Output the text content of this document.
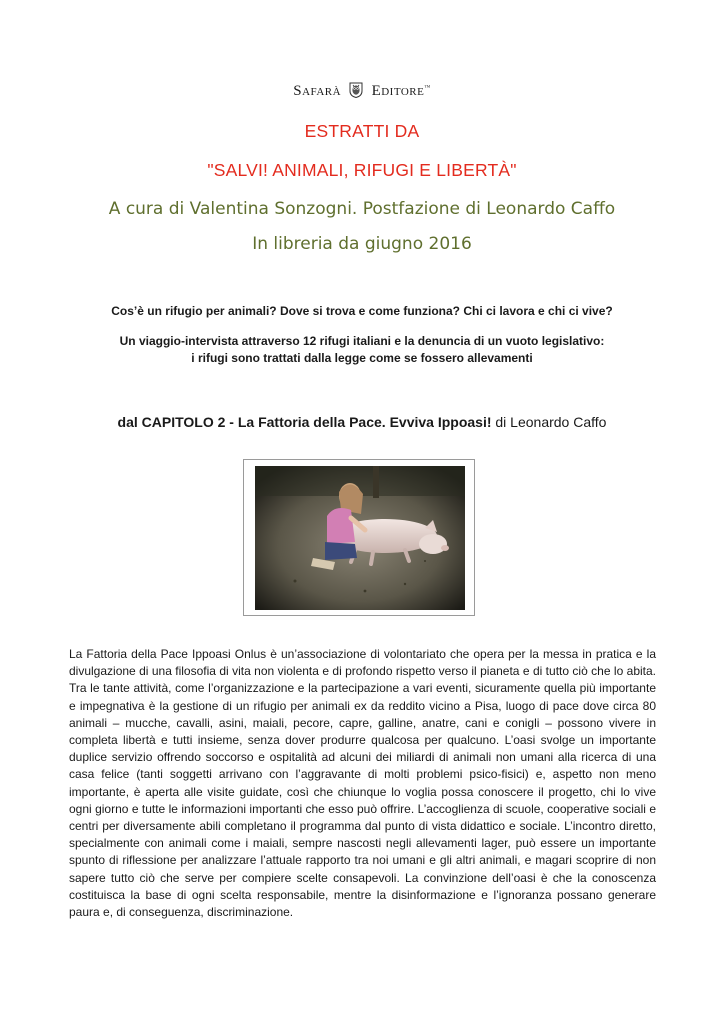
Safarà Editore™
ESTRATTI DA
"SALVI! ANIMALI, RIFUGI E LIBERTÀ"
A cura di Valentina Sonzogni. Postfazione di Leonardo Caffo
In libreria da giugno 2016
Cos’è un rifugio per animali? Dove si trova e come funziona? Chi ci lavora e chi ci vive?
Un viaggio-intervista attraverso 12 rifugi italiani e la denuncia di un vuoto legislativo:
i rifugi sono trattati dalla legge come se fossero allevamenti
dal CAPITOLO 2 - La Fattoria della Pace. Evviva Ippoasi! di Leonardo Caffo
La Fattoria della Pace Ippoasi Onlus è un’associazione di volontariato che opera per la messa in pratica e la divulgazione di una filosofia di vita non violenta e di profondo rispetto verso il pianeta e di tutto ciò che lo abita. Tra le tante attività, come l’organizzazione e la partecipazione a vari eventi, sicuramente quella più importante e impegnativa è la gestione di un rifugio per animali ex da reddito vicino a Pisa, luogo di pace dove circa 80 animali – mucche, cavalli, asini, maiali, pecore, capre, galline, anatre, cani e conigli – possono vivere in completa libertà e tutti insieme, senza dover produrre qualcosa per qualcuno. L’oasi svolge un importante duplice servizio offrendo soccorso e ospitalità ad alcuni dei miliardi di animali non umani alla ricerca di una casa felice (tanti soggetti arrivano con l’aggravante di molti problemi psico-fisici) e, aspetto non meno importante, è aperta alle visite guidate, così che chiunque lo voglia possa conoscere il progetto, chi lo vive ogni giorno e tutte le informazioni importanti che esso può offrire. L’accoglienza di scuole, cooperative sociali e centri per diversamente abili completano il programma dal punto di vista didattico e sociale. L’incontro diretto, specialmente con animali come i maiali, sempre nascosti negli allevamenti lager, può essere un importante spunto di riflessione per analizzare l’attuale rapporto tra noi umani e gli altri animali, e magari scoprire di non sapere tutto ciò che serve per compiere scelte consapevoli. La convinzione dell’oasi è che la conoscenza costituisca la base di ogni scelta responsabile, mentre la disinformazione e l’ignoranza possano generare paura e, di conseguenza, discriminazione.
